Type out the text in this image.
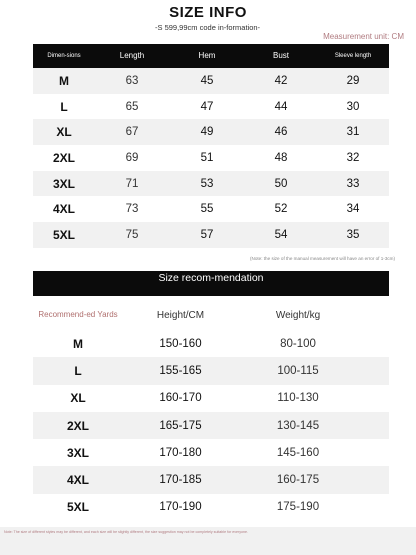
SIZE INFO
-S 599,99cm code in-formation-
Measurement unit: CM
Dimen-sions	Length	Hem	Bust	Sleeve length
M	63	45	42	29
L	65	47	44	30
XL	67	49	46	31
2XL	69	51	48	32
3XL	71	53	50	33
4XL	73	55	52	34
5XL	75	57	54	35
(Note: the size of the manual measurement will have an error of 1-3cm)
Size recom-mendation
Recommend-ed Yards	Height/CM	Weight/kg
M	150-160	80-100
L	155-165	100-115
XL	160-170	110-130
2XL	165-175	130-145
3XL	170-180	145-160
4XL	170-185	160-175
5XL	170-190	175-190
Note: The size of different styles may be different, and each size will be slightly different, the size suggestion may not be completely suitable for everyone.
